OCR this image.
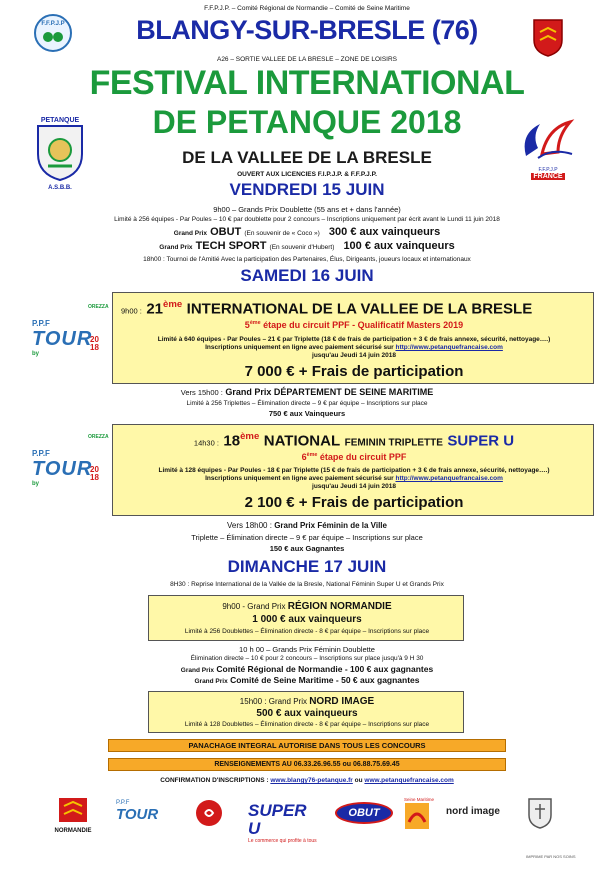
F.F.P.J.P. – Comité Régional de Normandie – Comité de Seine Maritime
F.F.P.J.P	BLANGY-SUR-BRESLE (76)
A26 – SORTIE VALLEE DE LA BRESLE – ZONE DE LOISIRS
FESTIVAL INTERNATIONAL
DE PETANQUE 2018
DE LA VALLEE DE LA BRESLE
OUVERT AUX LICENCIES F.I.P.J.P. & F.F.P.J.P.
PETANQUE
A.S.B.B.
F.F.P.J.P
FRANCE
VENDREDI 15 JUIN
9h00 – Grands Prix Doublette (55 ans et + dans l'année)
Limité à 256 équipes - Par Poules – 10 € par doublette pour 2 concours – Inscriptions uniquement par écrit avant le Lundi 11 juin 2018
Grand Prix OBUT (En souvenir de « Coco ») 300 € aux vainqueurs
Grand Prix TECH SPORT (En souvenir d'Hubert) 100 € aux vainqueurs
18h00 : Tournoi de l'Amitié Avec la participation des Partenaires, Élus, Dirigeants, joueurs locaux et internationaux
SAMEDI 16 JUIN
P.P.F
TOUR
by
OREZZA
20
18
9h00 : 21ème INTERNATIONAL DE LA VALLEE DE LA BRESLE
5ème étape du circuit PPF - Qualificatif Masters 2019
Limité à 640 équipes - Par Poules – 21 € par Triplette (18 € de frais de participation + 3 € de frais annexe, sécurité, nettoyage….)
Inscriptions uniquement en ligne avec paiement sécurisé sur http://www.petanquefrancaise.com
jusqu'au Jeudi 14 juin 2018
7 000 € + Frais de participation
Vers 15h00 : Grand Prix DÉPARTEMENT DE SEINE MARITIME
Limité à 256 Triplettes – Élimination directe – 9 € par équipe – Inscriptions sur place
750 € aux Vainqueurs
P.P.F
TOUR
by
OREZZA
20
18
14h30 : 18ème NATIONAL FEMININ TRIPLETTE SUPER U
6ème étape du circuit PPF
Limité à 128 équipes - Par Poules - 18 € par Triplette (15 € de frais de participation + 3 € de frais annexe, sécurité, nettoyage….)
Inscriptions uniquement en ligne avec paiement sécurisé sur http://www.petanquefrancaise.com
jusqu'au Jeudi 14 juin 2018
2 100 € + Frais de participation
Vers 18h00 : Grand Prix Féminin de la Ville
Triplette – Élimination directe – 9 € par équipe – Inscriptions sur place
150 € aux Gagnantes
DIMANCHE 17 JUIN
8H30 : Reprise International de la Vallée de la Bresle, National Féminin Super U et Grands Prix
9h00 - Grand Prix RÉGION NORMANDIE
1 000 € aux vainqueurs
Limité à 256 Doublettes – Élimination directe - 8 € par équipe – Inscriptions sur place
10 h 00 – Grands Prix Féminin Doublette
Élimination directe – 10 € pour 2 concours – Inscriptions sur place jusqu'à 9 H 30
Grand Prix Comité Régional de Normandie - 100 € aux gagnantes
Grand Prix Comité de Seine Maritime - 50 € aux gagnantes
15h00 : Grand Prix NORD IMAGE
500 € aux vainqueurs
Limité à 128 Doublettes – Élimination directe - 8 € par équipe – Inscriptions sur place
PANACHAGE INTEGRAL AUTORISE DANS TOUS LES CONCOURS
RENSEIGNEMENTS AU 06.33.26.96.55 ou 06.88.75.69.45
CONFIRMATION D'INSCRIPTIONS : www.blangy76-petanque.fr ou www.petanquefrancaise.com
NORMANDIE
P.P.F
TOUR	SUPER U
Le commerce qui profite à tous
OBUT
Seine Maritime
nord image
IMPRIME PAR NOS SOINS
